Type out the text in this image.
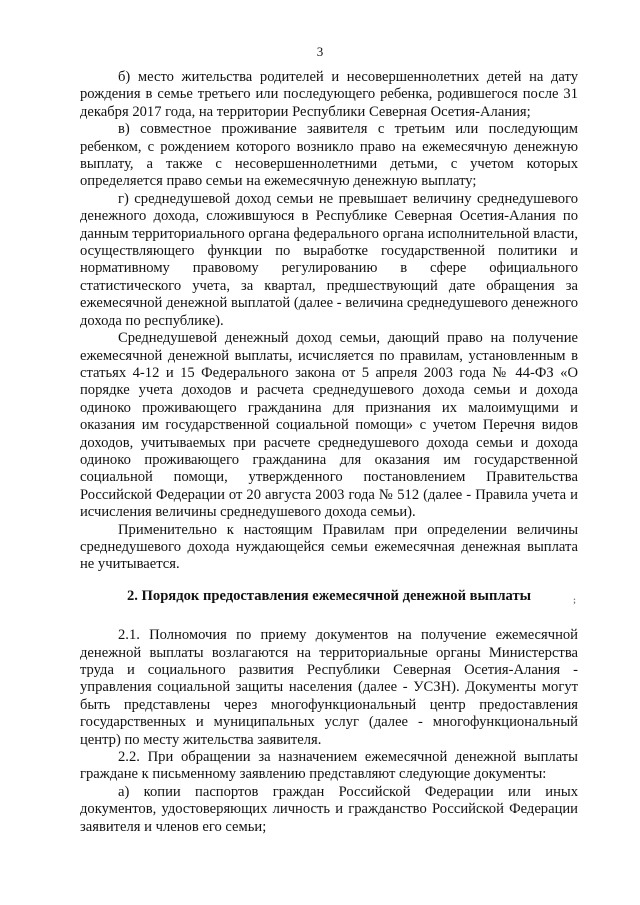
3

б) место жительства родителей и несовершеннолетних детей на дату рождения в семье третьего или последующего ребенка, родившегося после 31 декабря 2017 года, на территории Республики Северная Осетия-Алания;

в) совместное проживание заявителя с третьим или последующим ребенком, с рождением которого возникло право на ежемесячную денежную выплату, а также с несовершеннолетними детьми, с учетом которых определяется право семьи на ежемесячную денежную выплату;

г) среднедушевой доход семьи не превышает величину среднедушевого денежного дохода, сложившуюся в Республике Северная Осетия-Алания по данным территориального органа федерального органа исполнительной власти, осуществляющего функции по выработке государственной политики и нормативному правовому регулированию в сфере официального статистического учета, за квартал, предшествующий дате обращения за ежемесячной денежной выплатой (далее - величина среднедушевого денежного дохода по республике).

Среднедушевой денежный доход семьи, дающий право на получение ежемесячной денежной выплаты, исчисляется по правилам, установленным в статьях 4-12 и 15 Федерального закона от 5 апреля 2003 года № 44-ФЗ «О порядке учета доходов и расчета среднедушевого дохода семьи и дохода одиноко проживающего гражданина для признания их малоимущими и оказания им государственной социальной помощи» с учетом Перечня видов доходов, учитываемых при расчете среднедушевого дохода семьи и дохода одиноко проживающего гражданина для оказания им государственной социальной помощи, утвержденного постановлением Правительства Российской Федерации от 20 августа 2003 года № 512 (далее - Правила учета и исчисления величины среднедушевого дохода семьи).

Применительно к настоящим Правилам при определении величины среднедушевого дохода нуждающейся семьи ежемесячная денежная выплата не учитывается.

2. Порядок предоставления ежемесячной денежной выплаты	;

2.1. Полномочия по приему документов на получение ежемесячной денежной выплаты возлагаются на территориальные органы Министерства труда и социального развития Республики Северная Осетия-Алания - управления социальной защиты населения (далее - УСЗН). Документы могут быть представлены через многофункциональный центр предоставления государственных и муниципальных услуг (далее - многофункциональный центр) по месту жительства заявителя.

2.2. При обращении за назначением ежемесячной денежной выплаты граждане к письменному заявлению представляют следующие документы:

а) копии паспортов граждан Российской Федерации или иных документов, удостоверяющих личность и гражданство Российской Федерации заявителя и членов его семьи;
